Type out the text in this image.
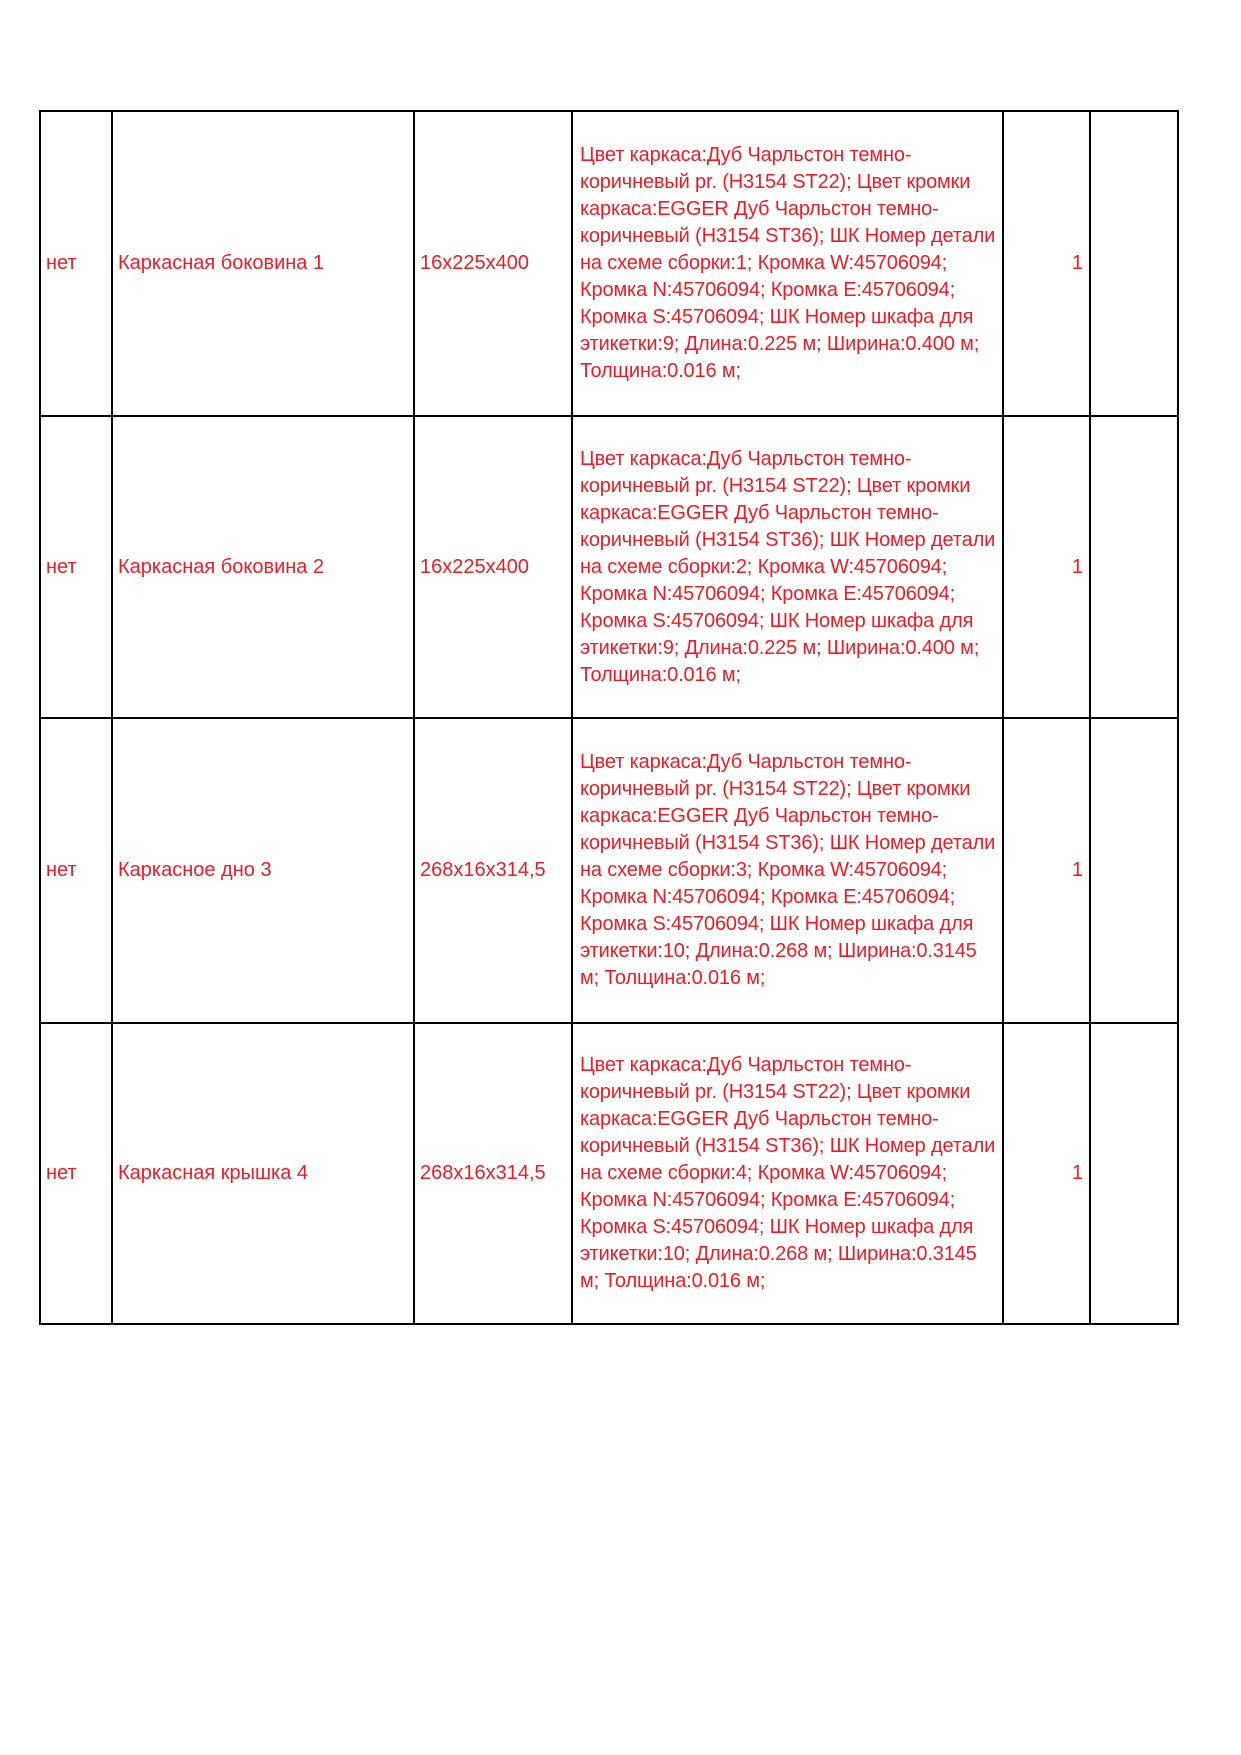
нет	Каркасная боковина 1	16x225x400	Цвет каркаса:Дуб Чарльстон темно-коричневый pr. (H3154 ST22); Цвет кромки каркаса:EGGER Дуб Чарльстон темно-коричневый (H3154 ST36); ШК Номер детали на схеме сборки:1; Кромка W:45706094; Кромка N:45706094; Кромка E:45706094; Кромка S:45706094; ШК Номер шкафа для этикетки:9; Длина:0.225 м; Ширина:0.400 м; Толщина:0.016 м;	1	
нет	Каркасная боковина 2	16x225x400	Цвет каркаса:Дуб Чарльстон темно-коричневый pr. (H3154 ST22); Цвет кромки каркаса:EGGER Дуб Чарльстон темно-коричневый (H3154 ST36); ШК Номер детали на схеме сборки:2; Кромка W:45706094; Кромка N:45706094; Кромка E:45706094; Кромка S:45706094; ШК Номер шкафа для этикетки:9; Длина:0.225 м; Ширина:0.400 м; Толщина:0.016 м;	1	
нет	Каркасное дно 3	268x16x314,5	Цвет каркаса:Дуб Чарльстон темно-коричневый pr. (H3154 ST22); Цвет кромки каркаса:EGGER Дуб Чарльстон темно-коричневый (H3154 ST36); ШК Номер детали на схеме сборки:3; Кромка W:45706094; Кромка N:45706094; Кромка E:45706094; Кромка S:45706094; ШК Номер шкафа для этикетки:10; Длина:0.268 м; Ширина:0.3145 м; Толщина:0.016 м;	1	
нет	Каркасная крышка 4	268x16x314,5	Цвет каркаса:Дуб Чарльстон темно-коричневый pr. (H3154 ST22); Цвет кромки каркаса:EGGER Дуб Чарльстон темно-коричневый (H3154 ST36); ШК Номер детали на схеме сборки:4; Кромка W:45706094; Кромка N:45706094; Кромка E:45706094; Кромка S:45706094; ШК Номер шкафа для этикетки:10; Длина:0.268 м; Ширина:0.3145 м; Толщина:0.016 м;	1	
